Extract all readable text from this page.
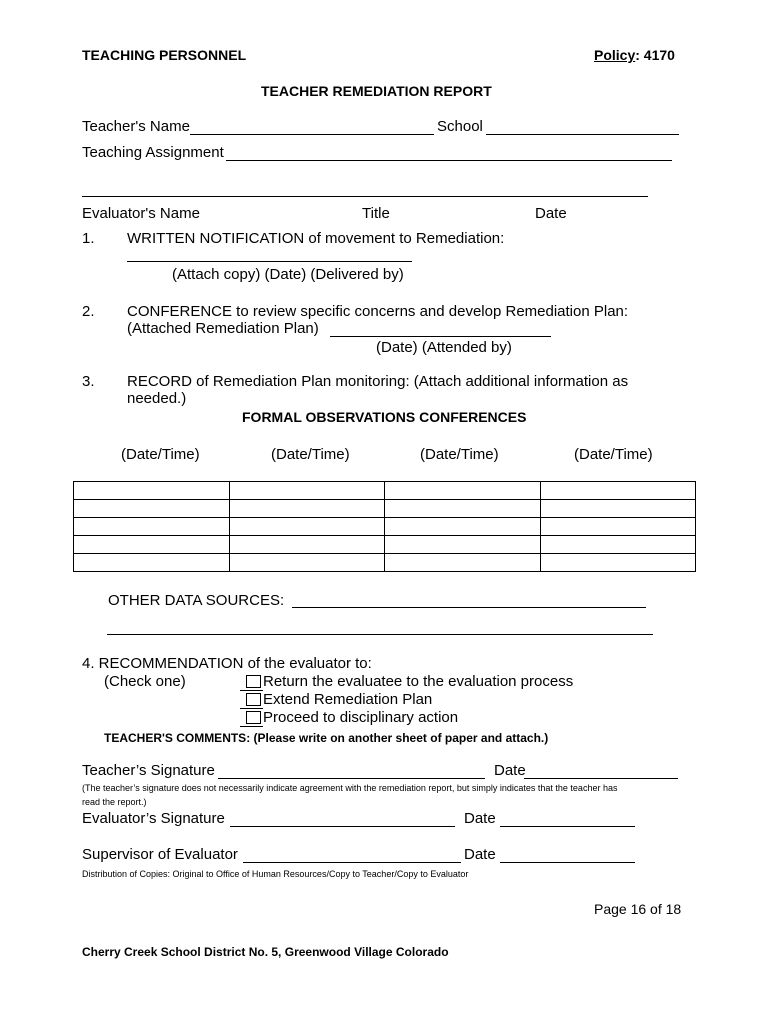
TEACHING PERSONNEL	Policy: 4170
TEACHER REMEDIATION REPORT
Teacher's Name	School
Teaching Assignment
Evaluator's Name	Title	Date
1. WRITTEN NOTIFICATION of movement to Remediation:
(Attach copy) (Date) (Delivered by)
2. CONFERENCE to review specific concerns and develop Remediation Plan:
(Attached Remediation Plan)
(Date) (Attended by)
3. RECORD of Remediation Plan monitoring: (Attach additional information as
needed.)
FORMAL OBSERVATIONS CONFERENCES
(Date/Time)	(Date/Time)	(Date/Time)	(Date/Time)

OTHER DATA SOURCES:
4. RECOMMENDATION of the evaluator to:
(Check one)	Return the evaluatee to the evaluation process
Extend Remediation Plan
Proceed to disciplinary action
TEACHER'S COMMENTS: (Please write on another sheet of paper and attach.)
Teacher’s Signature	Date
(The teacher’s signature does not necessarily indicate agreement with the remediation report, but simply indicates that the teacher has
read the report.)
Evaluator’s Signature	Date
Supervisor of Evaluator	Date
Distribution of Copies: Original to Office of Human Resources/Copy to Teacher/Copy to Evaluator
Page 16 of 18
Cherry Creek School District No. 5, Greenwood Village Colorado
